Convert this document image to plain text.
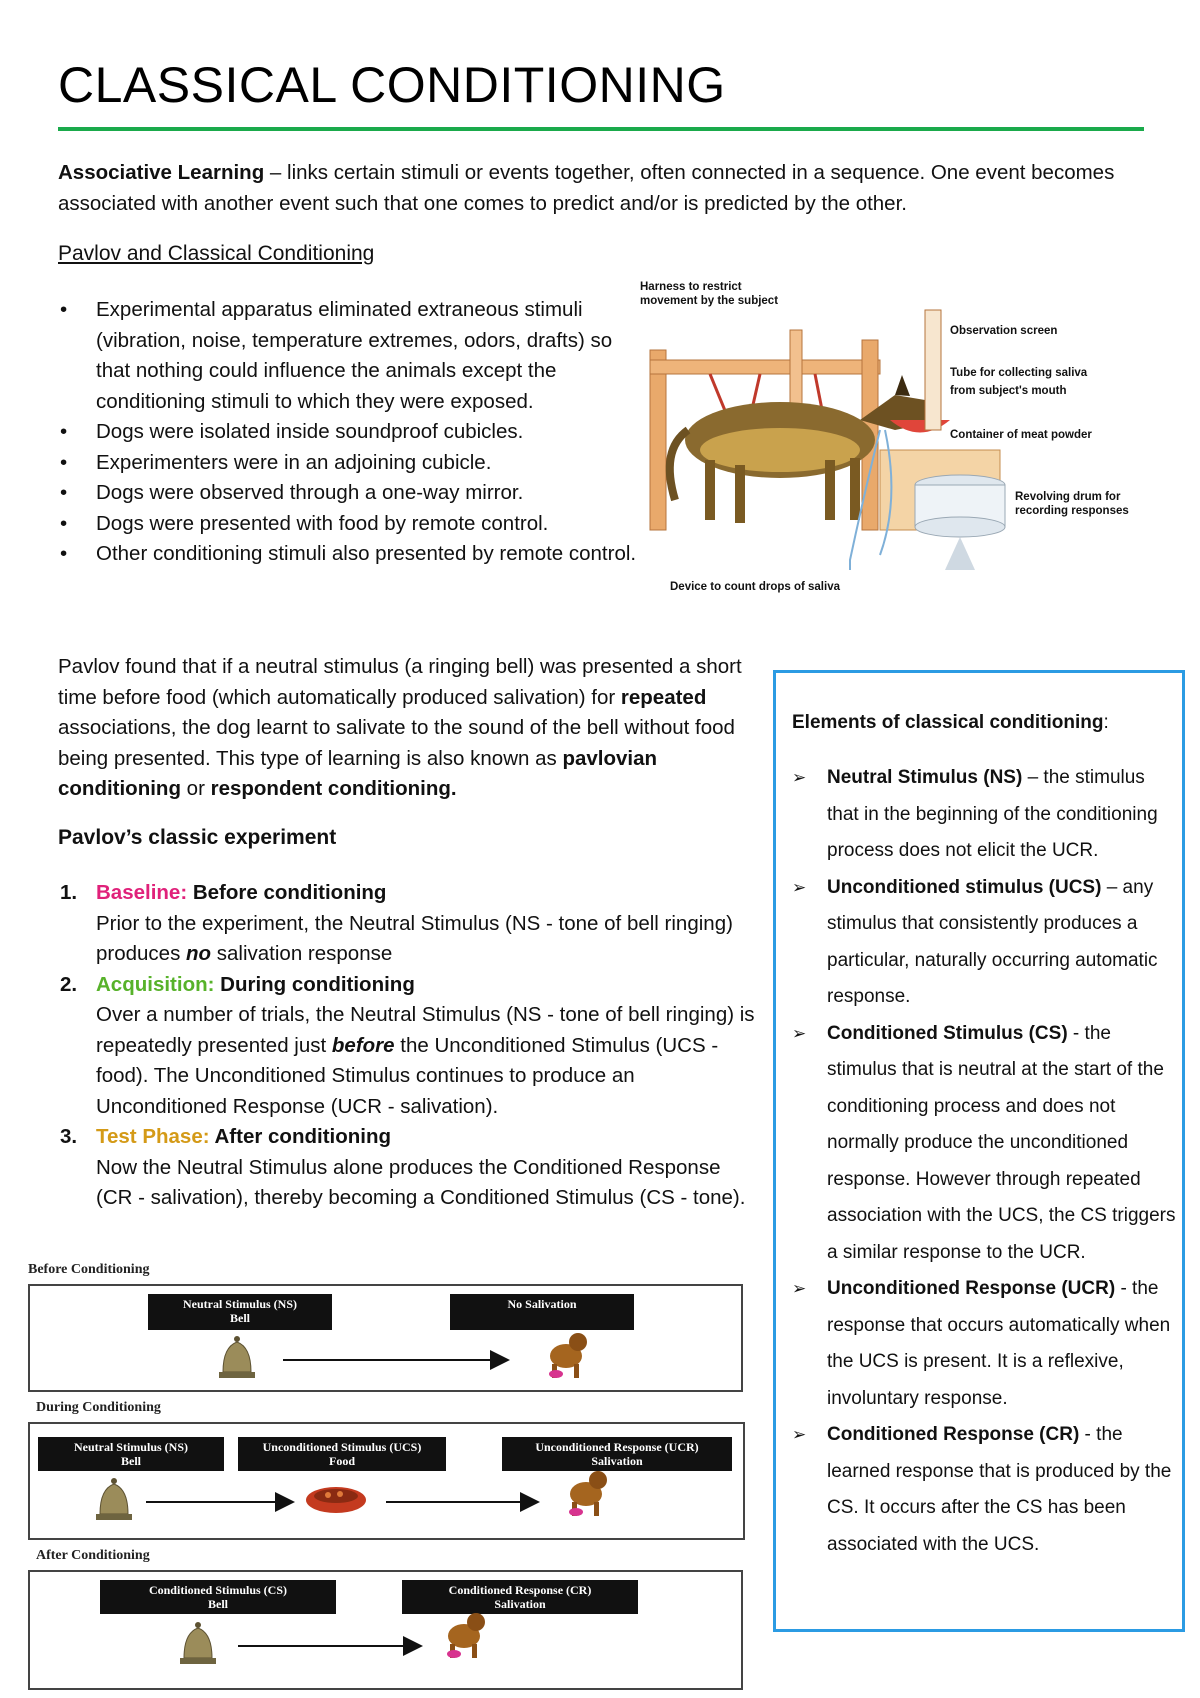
CLASSICAL CONDITIONING
Associative Learning – links certain stimuli or events together, often connected in a sequence. One event becomes associated with another event such that one comes to predict and/or is predicted by the other.
Pavlov and Classical Conditioning
• Experimental apparatus eliminated extraneous stimuli (vibration, noise, temperature extremes, odors, drafts) so that nothing could influence the animals except the conditioning stimuli to which they were exposed.
• Dogs were isolated inside soundproof cubicles.
• Experimenters were in an adjoining cubicle.
• Dogs were observed through a one-way mirror.
• Dogs were presented with food by remote control.
• Other conditioning stimuli also presented by remote control.
Harness to restrict
movement by the subject
Observation screen
Tube for collecting saliva
from subject's mouth
Container of meat powder
Revolving drum for
recording responses
Device to count drops of saliva
Pavlov found that if a neutral stimulus (a ringing bell) was presented a short time before food (which automatically produced salivation) for repeated associations, the dog learnt to salivate to the sound of the bell without food being presented. This type of learning is also known as pavlovian conditioning or respondent conditioning.
Pavlov’s classic experiment
1. Baseline: Before conditioning
Prior to the experiment, the Neutral Stimulus (NS - tone of bell ringing) produces no salivation response
2. Acquisition: During conditioning
Over a number of trials, the Neutral Stimulus (NS - tone of bell ringing) is repeatedly presented just before the Unconditioned Stimulus (UCS - food). The Unconditioned Stimulus continues to produce an Unconditioned Response (UCR - salivation).
3. Test Phase: After conditioning
Now the Neutral Stimulus alone produces the Conditioned Response (CR - salivation), thereby becoming a Conditioned Stimulus (CS - tone).
Elements of classical conditioning:
➢ Neutral Stimulus (NS) – the stimulus that in the beginning of the conditioning process does not elicit the UCR.
➢ Unconditioned stimulus (UCS) – any stimulus that consistently produces a particular, naturally occurring automatic response.
➢ Conditioned Stimulus (CS) - the stimulus that is neutral at the start of the conditioning process and does not normally produce the unconditioned response. However through repeated association with the UCS, the CS triggers a similar response to the UCR.
➢ Unconditioned Response (UCR) - the response that occurs automatically when the UCS is present. It is a reflexive, involuntary response.
➢ Conditioned Response (CR) - the learned response that is produced by the CS. It occurs after the CS has been associated with the UCS.
Before Conditioning
Neutral Stimulus (NS)
Bell
No Salivation
During Conditioning
Neutral Stimulus (NS)
Bell
Unconditioned Stimulus (UCS)
Food
Unconditioned Response (UCR)
Salivation
After Conditioning
Conditioned Stimulus (CS)
Bell
Conditioned Response (CR)
Salivation
